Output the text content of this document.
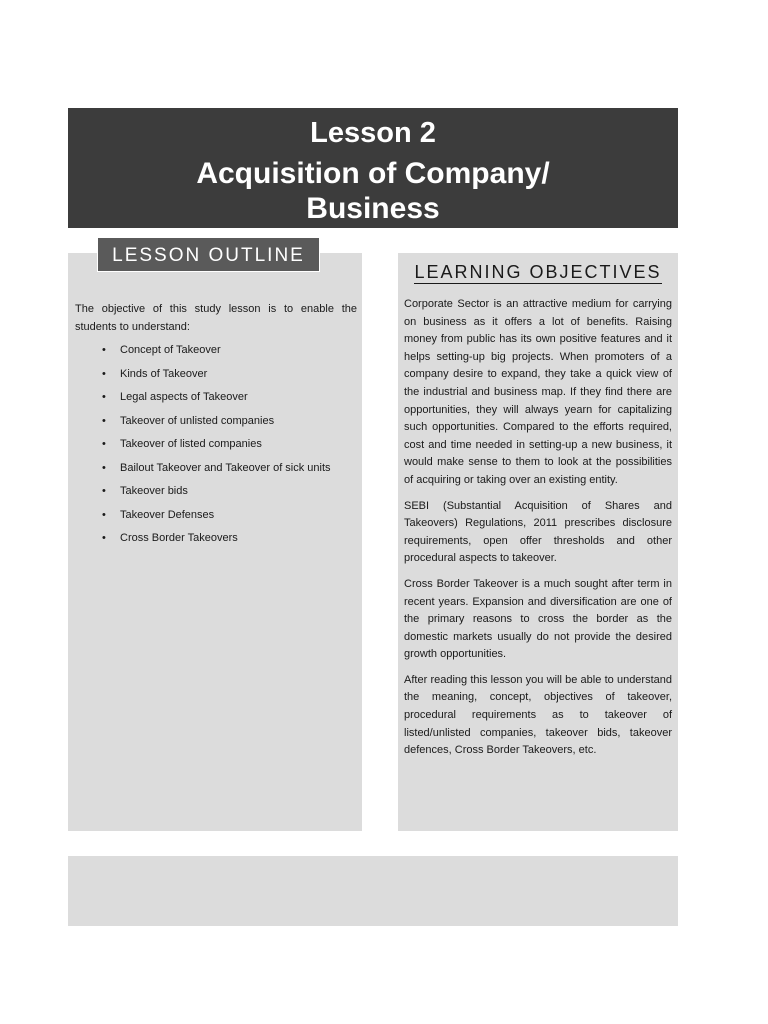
Lesson 2
Acquisition of Company/
Business
LESSON OUTLINE
LEARNING OBJECTIVES
The objective of this study lesson is to enable the students to understand:
• Concept of Takeover
• Kinds of Takeover
• Legal aspects of Takeover
• Takeover of unlisted companies
• Takeover of listed companies
• Bailout Takeover and Takeover of sick units
• Takeover bids
• Takeover Defenses
• Cross Border Takeovers

Corporate Sector is an attractive medium for carrying on business as it offers a lot of benefits. Raising money from public has its own positive features and it helps setting-up big projects. When promoters of a company desire to expand, they take a quick view of the industrial and business map. If they find there are opportunities, they will always yearn for capitalizing such opportunities. Compared to the efforts required, cost and time needed in setting-up a new business, it would make sense to them to look at the possibilities of acquiring or taking over an existing entity.

SEBI (Substantial Acquisition of Shares and Takeovers) Regulations, 2011 prescribes disclosure requirements, open offer thresholds and other procedural aspects to takeover.

Cross Border Takeover is a much sought after term in recent years. Expansion and diversification are one of the primary reasons to cross the border as the domestic markets usually do not provide the desired growth opportunities.

After reading this lesson you will be able to understand the meaning, concept, objectives of takeover, procedural requirements as to takeover of listed/unlisted companies, takeover bids, takeover defences, Cross Border Takeovers, etc.
